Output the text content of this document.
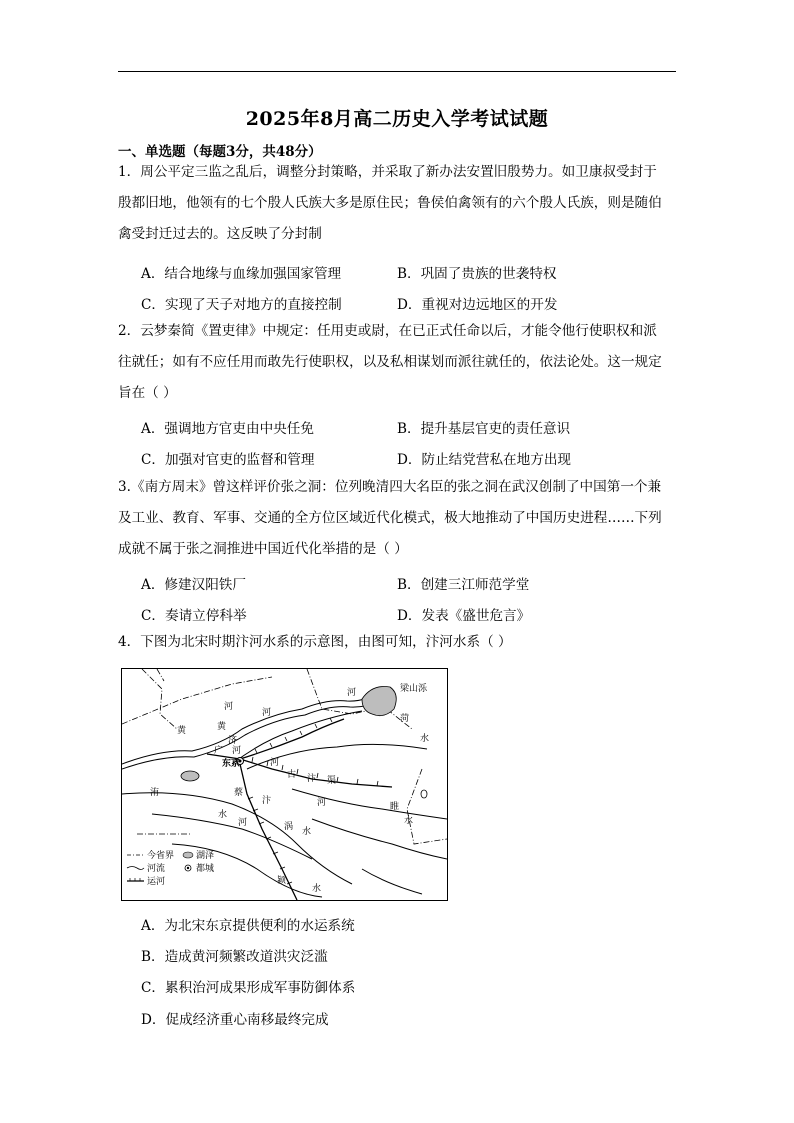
2025年8月高二历史入学考试试题
一、单选题（每题3分，共48分）
1．周公平定三监之乱后，调整分封策略，并采取了新办法安置旧殷势力。如卫康叔受封于
殷都旧地，他领有的七个殷人氏族大多是原住民；鲁侯伯禽领有的六个殷人氏族，则是随伯
禽受封迁过去的。这反映了分封制
A．结合地缘与血缘加强国家管理	B．巩固了贵族的世袭特权
C．实现了天子对地方的直接控制	D．重视对边远地区的开发
2．云梦秦简《置吏律》中规定：任用吏或尉，在已正式任命以后，才能令他行使职权和派
往就任；如有不应任用而敢先行使职权，以及私相谋划而派往就任的，依法论处。这一规定
旨在（ ）
A．强调地方官吏由中央任免	B．提升基层官吏的责任意识
C．加强对官吏的监督和管理	D．防止结党营私在地方出现
3.《南方周末》曾这样评价张之洞：位列晚清四大名臣的张之洞在武汉创制了中国第一个兼
及工业、教育、军事、交通的全方位区域近代化模式，极大地推动了中国历史进程……下列
成就不属于张之洞推进中国近代化举措的是（ ）
A．修建汉阳铁厂	B．创建三江师范学堂
C．奏请立停科举	D．发表《盛世危言》
4．下图为北宋时期汴河水系的示意图，由图可知，汴河水系（ ）
梁山泺
河
黄
河
黄
济
东京
广 河
菏
水
河
河
古 汴 渠
洧	蔡
汴	河	睢
水
水
河	涡 水
颍
水
今省界 湖泽
河流	都城
运河
A．为北宋东京提供便利的水运系统
B．造成黄河频繁改道洪灾泛滥
C．累积治河成果形成军事防御体系
D．促成经济重心南移最终完成
